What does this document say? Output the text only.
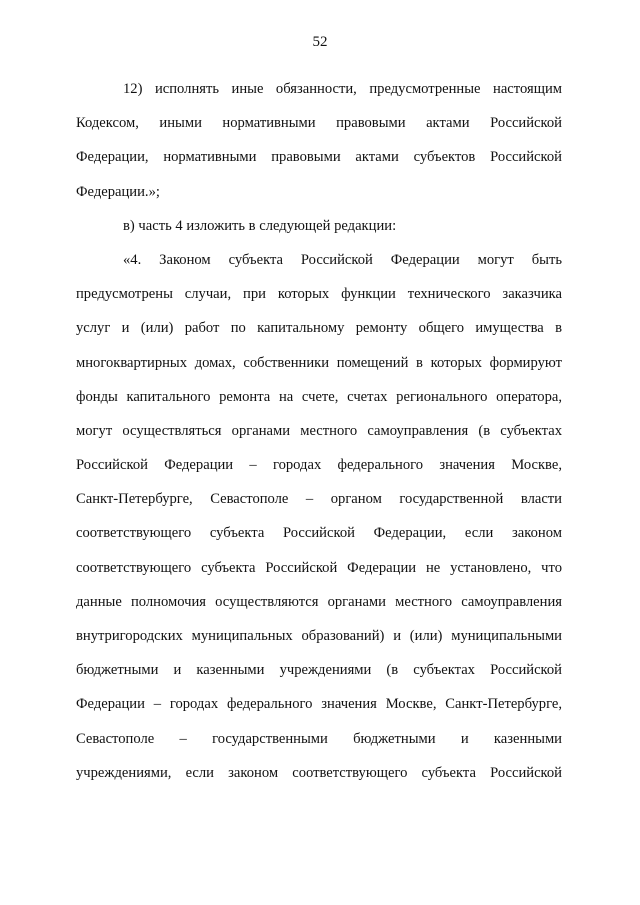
52
12) исполнять иные обязанности, предусмотренные настоящим
Кодексом, иными нормативными правовыми актами Российской
Федерации, нормативными правовыми актами субъектов Российской
Федерации.»;
в) часть 4 изложить в следующей редакции:
«4. Законом субъекта Российской Федерации могут быть
предусмотрены случаи, при которых функции технического заказчика
услуг и (или) работ по капитальному ремонту общего имущества в
многоквартирных домах, собственники помещений в которых формируют
фонды капитального ремонта на счете, счетах регионального оператора,
могут осуществляться органами местного самоуправления (в субъектах
Российской Федерации – городах федерального значения Москве,
Санкт-Петербурге, Севастополе – органом государственной власти
соответствующего субъекта Российской Федерации, если законом
соответствующего субъекта Российской Федерации не установлено, что
данные полномочия осуществляются органами местного самоуправления
внутригородских муниципальных образований) и (или) муниципальными
бюджетными и казенными учреждениями (в субъектах Российской
Федерации – городах федерального значения Москве, Санкт-Петербурге,
Севастополе – государственными бюджетными и казенными
учреждениями, если законом соответствующего субъекта Российской
